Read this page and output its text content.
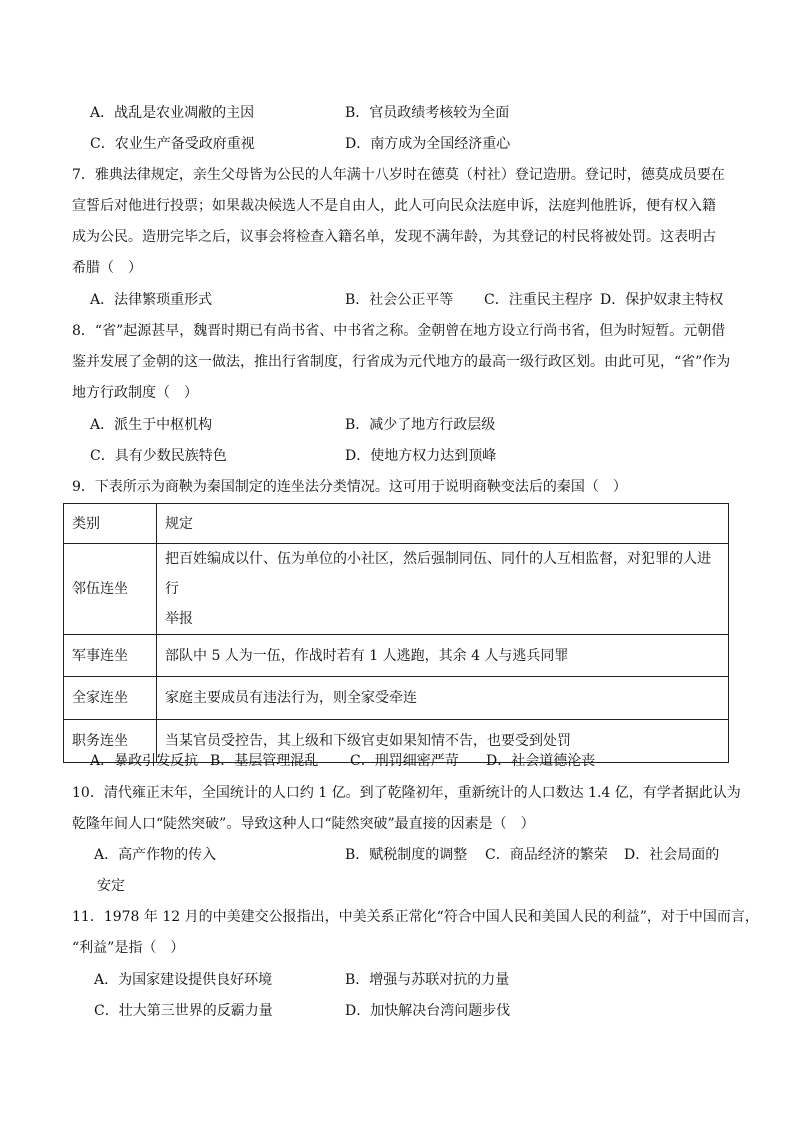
A．战乱是农业凋敝的主因	B．官员政绩考核较为全面
C．农业生产备受政府重视	D．南方成为全国经济重心
7．雅典法律规定，亲生父母皆为公民的人年满十八岁时在德莫（村社）登记造册。登记时，德莫成员要在
宣誓后对他进行投票；如果裁决候选人不是自由人，此人可向民众法庭申诉，法庭判他胜诉，便有权入籍
成为公民。造册完毕之后，议事会将检查入籍名单，发现不满年龄，为其登记的村民将被处罚。这表明古
希腊（　）
A．法律繁琐重形式	B．社会公正平等 C．注重民主程序 D．保护奴隶主特权
8．“省”起源甚早，魏晋时期已有尚书省、中书省之称。金朝曾在地方设立行尚书省，但为时短暂。元朝借
鉴并发展了金朝的这一做法，推出行省制度，行省成为元代地方的最高一级行政区划。由此可见，“省”作为
地方行政制度（　）
A．派生于中枢机构	B．减少了地方行政层级
C．具有少数民族特色	D．使地方权力达到顶峰
9．下表所示为商鞅为秦国制定的连坐法分类情况。这可用于说明商鞅变法后的秦国（　）
类别	规定
邻伍连坐	把百姓编成以什、伍为单位的小社区，然后强制同伍、同什的人互相监督，对犯罪的人进行
举报

军事连坐	部队中 5 人为一伍，作战时若有 1 人逃跑，其余 4 人与逃兵同罪
全家连坐	家庭主要成员有违法行为，则全家受牵连
职务连坐	当某官员受控告，其上级和下级官吏如果知情不告，也要受到处罚
A．暴政引发反抗 B．基层管理混乱 C．刑罚细密严苛 D．社会道德沦丧
10．清代雍正末年，全国统计的人口约 1 亿。到了乾隆初年，重新统计的人口数达 1.4 亿，有学者据此认为
乾隆年间人口“陡然突破”。导致这种人口“陡然突破”最直接的因素是（　）
A．高产作物的传入	B．赋税制度的调整 C．商品经济的繁荣 D．社会局面的
安定
11．1978 年 12 月的中美建交公报指出，中美关系正常化“符合中国人民和美国人民的利益”，对于中国而言，
“利益”是指（　）
A．为国家建设提供良好环境	B．增强与苏联对抗的力量
C．壮大第三世界的反霸力量	D．加快解决台湾问题步伐
